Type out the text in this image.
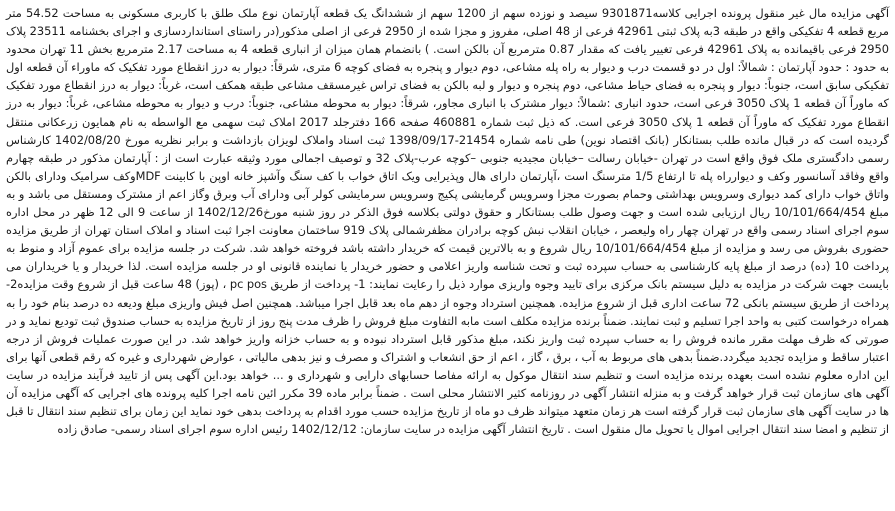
آگهی مزایده مال غیر منقول پرونده اجرایی کلاسه9301871 سیصد و نوزده سهم از 1200 سهم از ششدانگ یک قطعه آپارتمان نوع ملک طلق با کاربری مسکونی به مساحت 54.52 متر مربع قطعه 4 تفکیکی واقع در طبقه 3به پلاک ثبتی 42961 فرعی از 48 اصلی، مفروز و مجزا شده از 2950 فرعی از اصلی مذکور(در راستای استانداردسازی و اجرای بخشنامه 23511 پلاک 2950 فرعی باقیمانده به پلاک 42961 فرعی تغییر یافت که مقدار 0.87 مترمربع آن بالکن است. ) بانضمام همان میزان از انباری قطعه 4 به مساحت 2.17 مترمربع بخش 11 تهران محدود به حدود : حدود آپارتمان : شمالاً: اول در دو قسمت درب و دیوار به راه پله مشاعی، دوم دیوار و پنجره به فضای کوچه 6 متری، شرقاً: دیوار به درز انقطاع مورد تفکیک که ماوراء آن قطعه اول تفکیکی سابق است، جنوباً: دیوار و پنجره به فضای حیاط مشاعی، دوم پنجره و دیوار و لبه بالکن به فضای تراس غیرمسقف مشاعی طبقه همکف است، غرباً: دیوار به درز انقطاع مورد تفکیک که ماوراً آن قطعه 1 پلاک 3050 فرعی است، حدود انباری :شمالاً: دیوار مشترک با انباری مجاور، شرقاً: دیوار به محوطه مشاعی، جنوباً: درب و دیوار به محوطه مشاعی، غرباً: دیوار به درز انقطاع مورد تفکیک که ماوراً آن قطعه 1 پلاک 3050 فرعی است. که ذیل ثبت شماره 460881 صفحه 166 دفترجلد 2017 املاک ثبت سهمی مع الواسطه به نام همایون زرعکانی منتقل گردیده است که در قبال مانده طلب بستانکار (بانک اقتصاد نوین) طی نامه شماره 21454-1398/09/17 ثبت اسناد واملاک لویزان بازداشت و برابر نظریه مورخ 1402/08/20 کارشناس رسمی دادگستری ملک فوق واقع است در تهران -خیابان رسالت –خیابان مجیدیه جنوبی –کوچه عرب-پلاک 32 و توصیف اجمالی مورد وثیقه عبارت است از : آپارتمان مذکور در طبقه چهارم واقع وفاقد آسانسور وکف و دیوارراه پله تا ارتفاع 1/5 مترسنگ است ،آپارتمان دارای هال وپذیرایی ویک اتاق خواب با کف سنگ وآشپز خانه اوپن با کابینت MDFوکف سرامیک ودارای بالکن واتاق خواب دارای کمد دیواری وسرویس بهداشتی وحمام بصورت مجزا وسرویس گرمایشی پکیج وسرویس سرمایشی کولر آبی ودارای آب وبرق وگاز اعم از مشترک ومستقل می باشد و به مبلغ 10/101/664/454 ریال ارزیابی شده است و جهت وصول طلب بستانکار و حقوق دولتی بکلاسه فوق الذکر در روز شنبه مورخ1402/12/26 از ساعت 9 الی 12 ظهر در محل اداره سوم اجرای اسناد رسمی واقع در تهران چهار راه ولیعصر ، خیابان انقلاب نبش کوچه برادران مظفرشمالی پلاک 919 ساختمان معاونت اجرا ثبت اسناد و املاک استان تهران از طریق مزایده حضوری بفروش می رسد و مزایده از مبلغ 10/101/664/454 ریال شروع و به بالاترین قیمت که خریدار داشته باشد فروخته خواهد شد. شرکت در جلسه مزایده برای عموم آزاد و منوط به پرداخت 10 (ده) درصد از مبلغ پایه کارشناسی به حساب سپرده ثبت و تحت شناسه واریز اعلامی و حضور خریدار یا نماینده قانونی او در جلسه مزایده است. لذا خریدار و یا خریداران می بایست جهت شرکت در مزایده به دلیل سیستم بانک مرکزی برای تایید وجوه واریزی موارد ذیل را رعایت نمایند: 1- پرداخت از طریق pc pos ، (پوز) 48 ساعت قبل از شروع وقت مزایده2- پرداخت از طریق سیستم بانکی 72 ساعت اداری قبل از شروع مزایده. همچنین استرداد وجوه از دهم ماه بعد قابل اجرا میباشد. همچنین اصل فیش واریزی مبلغ ودیعه ده درصد بنام خود را به همراه درخواست کتبی به واحد اجرا تسلیم و ثبت نمایند. ضمناً برنده مزایده مکلف است مابه التفاوت مبلغ فروش را ظرف مدت پنج روز از تاریخ مزایده به حساب صندوق ثبت تودیع نماید و در صورتی که ظرف مهلت مقرر مانده فروش را به حساب سپرده ثبت واریز نکند، مبلغ مذکور قابل استرداد نبوده و به حساب خزانه واریز خواهد شد. در این صورت عملیات فروش از درجه اعتبار ساقط و مزایده تجدید میگردد.ضمناً بدهی های مربوط به آب ، برق ، گاز ، اعم از حق انشعاب و اشتراک و مصرف و نیز بدهی مالیاتی ، عوارض شهرداری و غیره که رقم قطعی آنها برای این اداره معلوم نشده است بعهده برنده مزایده است و تنظیم سند انتقال موکول به ارائه مفاصا حسابهای دارایی و شهرداری و ... خواهد بود.این آگهی پس از تایید فرآیند مزایده در سایت آگهی های سازمان ثبت قرار خواهد گرفت و به منزله انتشار آگهی در روزنامه کثیر الانتشار محلی است . ضمناً برابر ماده 39 مکرر ائین نامه اجرا کلیه پرونده های اجرایی که آگهی مزایده آن ها در سایت آگهی های سازمان ثبت قرار گرفته است هر زمان متعهد میتواند ظرف دو ماه از تاریخ مزایده حسب مورد اقدام به پرداخت بدهی خود نماید این زمان برای تنظیم سند انتقال تا قبل از تنظیم و امضا سند انتقال اجرایی اموال یا تحویل مال منقول است . تاریخ انتشار آگهی مزایده در سایت سازمان: 1402/12/12 رئیس اداره سوم اجرای اسناد رسمی- صادق زاده
